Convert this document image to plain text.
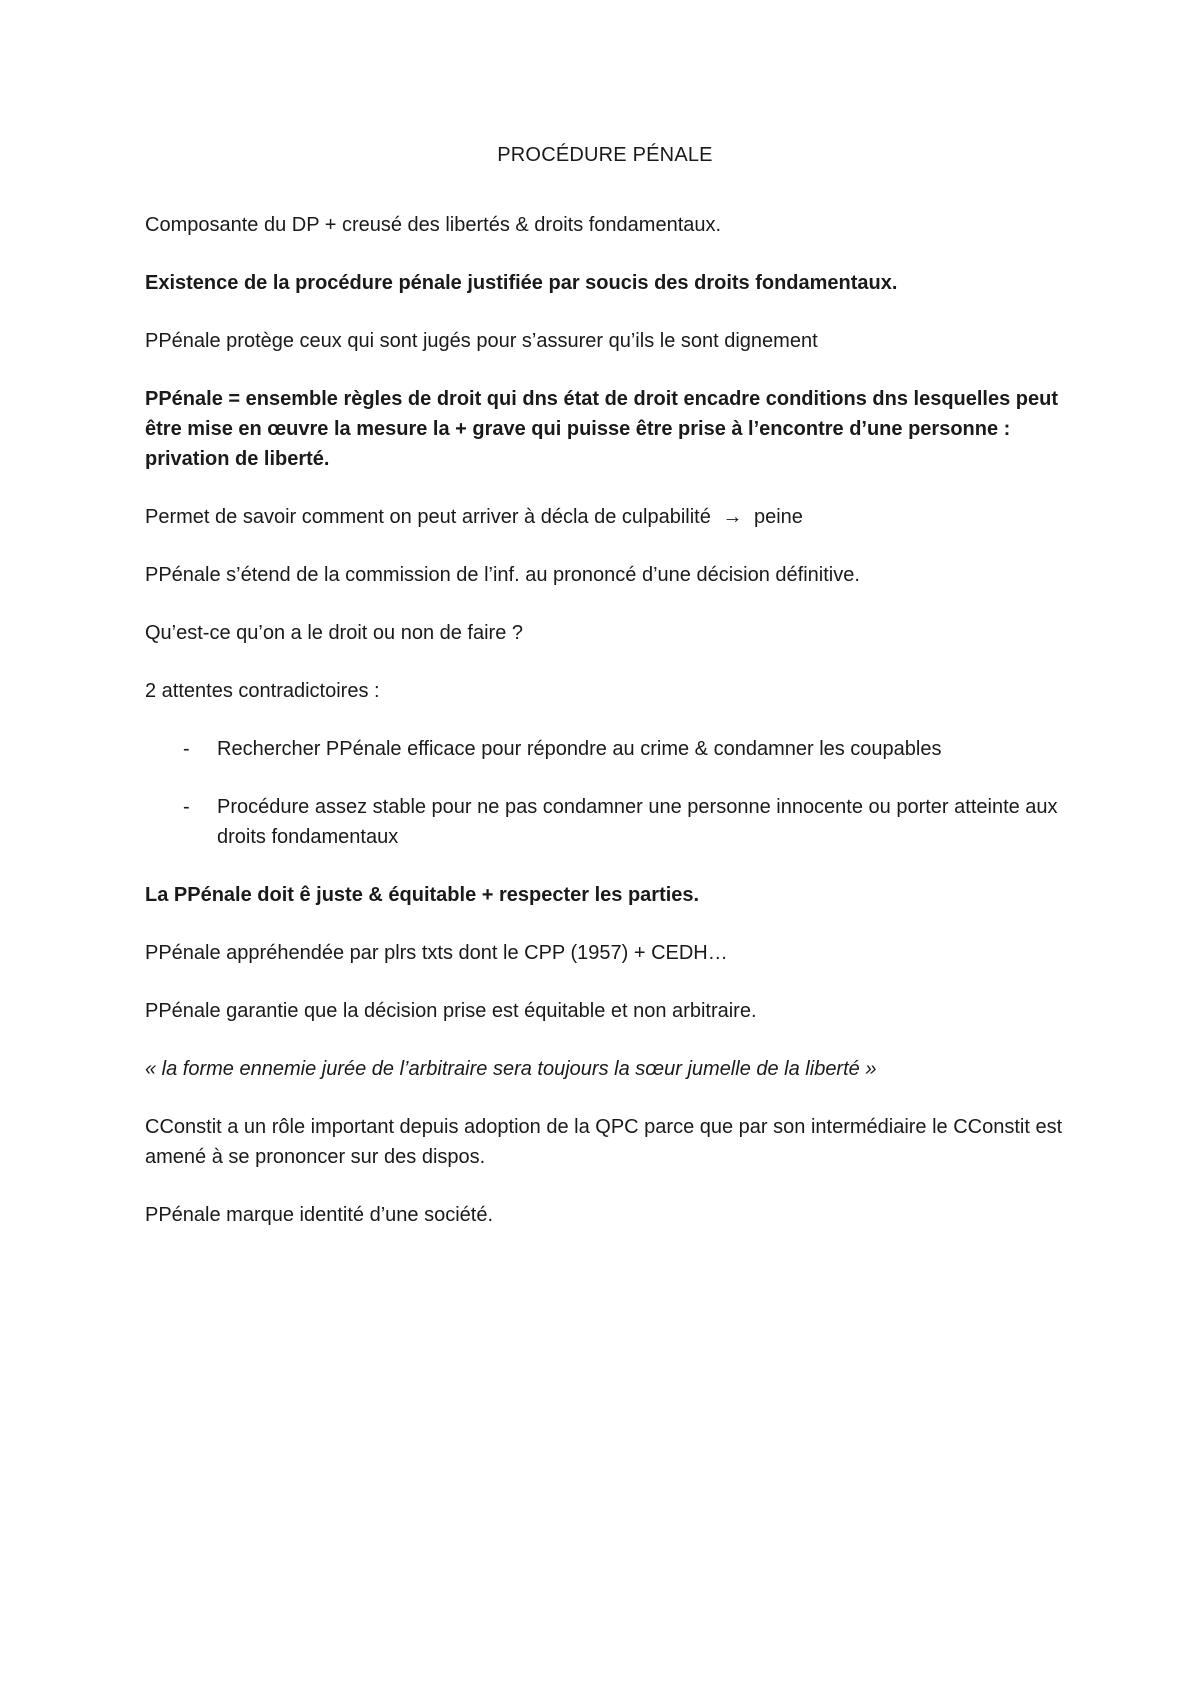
PROCÉDURE PÉNALE

Composante du DP + creusé des libertés & droits fondamentaux.

Existence de la procédure pénale justifiée par soucis des droits fondamentaux.

PPénale protège ceux qui sont jugés pour s’assurer qu’ils le sont dignement

PPénale = ensemble règles de droit qui dns état de droit encadre conditions dns lesquelles peut être mise en œuvre la mesure la + grave qui puisse être prise à l’encontre d’une personne : privation de liberté.

Permet de savoir comment on peut arriver à décla de culpabilité → peine

PPénale s’étend de la commission de l’inf. au prononcé d’une décision définitive.

Qu’est-ce qu’on a le droit ou non de faire ?

2 attentes contradictoires :

- Rechercher PPénale efficace pour répondre au crime & condamner les coupables
- Procédure assez stable pour ne pas condamner une personne innocente ou porter atteinte aux droits fondamentaux

La PPénale doit ê juste & équitable + respecter les parties.

PPénale appréhendée par plrs txts dont le CPP (1957) + CEDH…

PPénale garantie que la décision prise est équitable et non arbitraire.

« la forme ennemie jurée de l’arbitraire sera toujours la sœur jumelle de la liberté »

CConstit a un rôle important depuis adoption de la QPC parce que par son intermédiaire le CConstit est amené à se prononcer sur des dispos.

PPénale marque identité d’une société.
